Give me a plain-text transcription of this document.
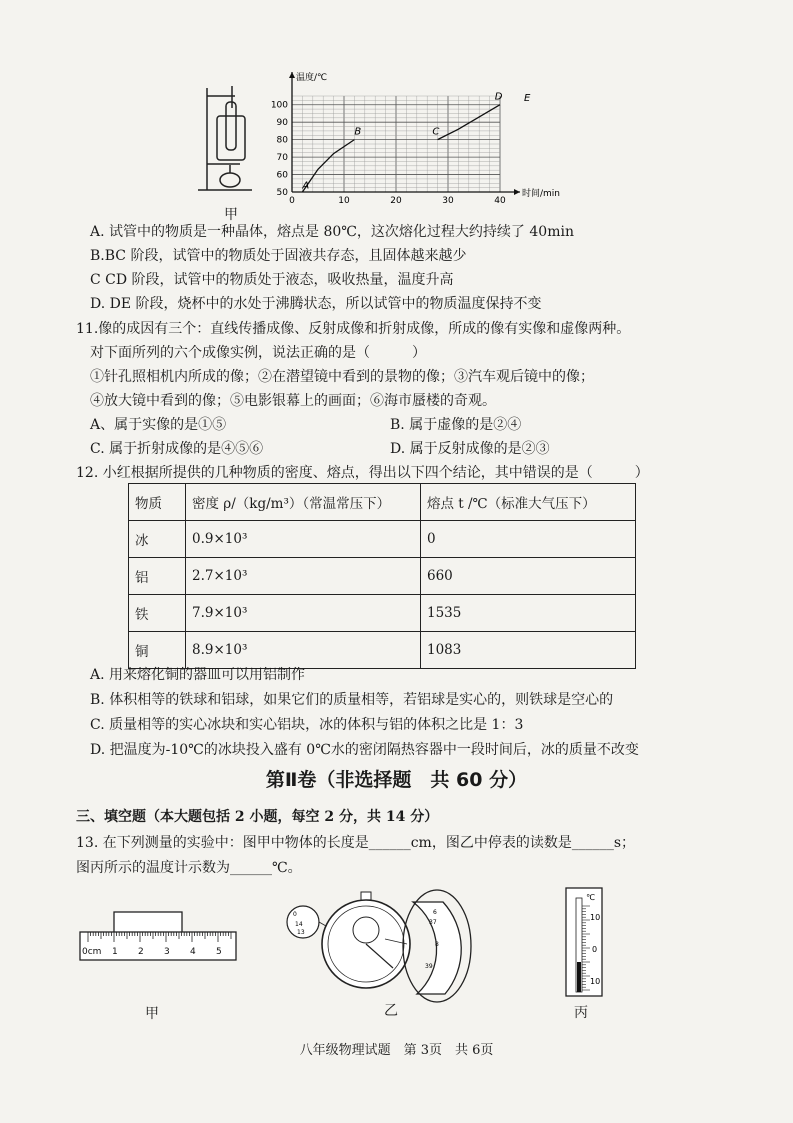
0	10	20	30	40
50
60
70
80
90
100
时间/min
温度/℃
A
B	C
D E
甲
A. 试管中的物质是一种晶体，熔点是 80℃，这次熔化过程大约持续了 40min
B.BC 阶段，试管中的物质处于固液共存态，且固体越来越少
C CD 阶段，试管中的物质处于液态，吸收热量，温度升高
D. DE 阶段，烧杯中的水处于沸腾状态，所以试管中的物质温度保持不变
11.像的成因有三个：直线传播成像、反射成像和折射成像，所成的像有实像和虚像两种。
对下面所列的六个成像实例，说法正确的是（　　　）
①针孔照相机内所成的像；②在潜望镜中看到的景物的像；③汽车观后镜中的像；
④放大镜中看到的像；⑤电影银幕上的画面；⑥海市蜃楼的奇观。
A、属于实像的是①⑤	B. 属于虚像的是②④
C. 属于折射成像的是④⑤⑥	D. 属于反射成像的是②③
12. 小红根据所提供的几种物质的密度、熔点，得出以下四个结论，其中错误的是（　　　）
物质	密度 ρ/（kg/m³）（常温常压下）	熔点 t /℃（标准大气压下）
冰	0.9×10³	0
铝	2.7×10³	660
铁	7.9×10³	1535
铜	8.9×10³	1083
A. 用来熔化铜的器皿可以用铝制作
B. 体积相等的铁球和铝球，如果它们的质量相等，若铝球是实心的，则铁球是空心的
C. 质量相等的实心冰块和实心铝块，冰的体积与铝的体积之比是 1：3
D. 把温度为-10℃的冰块投入盛有 0℃水的密闭隔热容器中一段时间后，冰的质量不改变
第Ⅱ卷（非选择题　共 60 分）
三、填空题（本大题包括 2 小题，每空 2 分，共 14 分）
13. 在下列测量的实验中：图甲中物体的长度是______cm，图乙中停表的读数是______s；
图丙所示的温度计示数为______℃。
0cm 1 2 3 4 5
甲
0
14
13
6
37
8
39
乙
℃
10
0
10
丙
八年级物理试题　第 3页　共 6页
